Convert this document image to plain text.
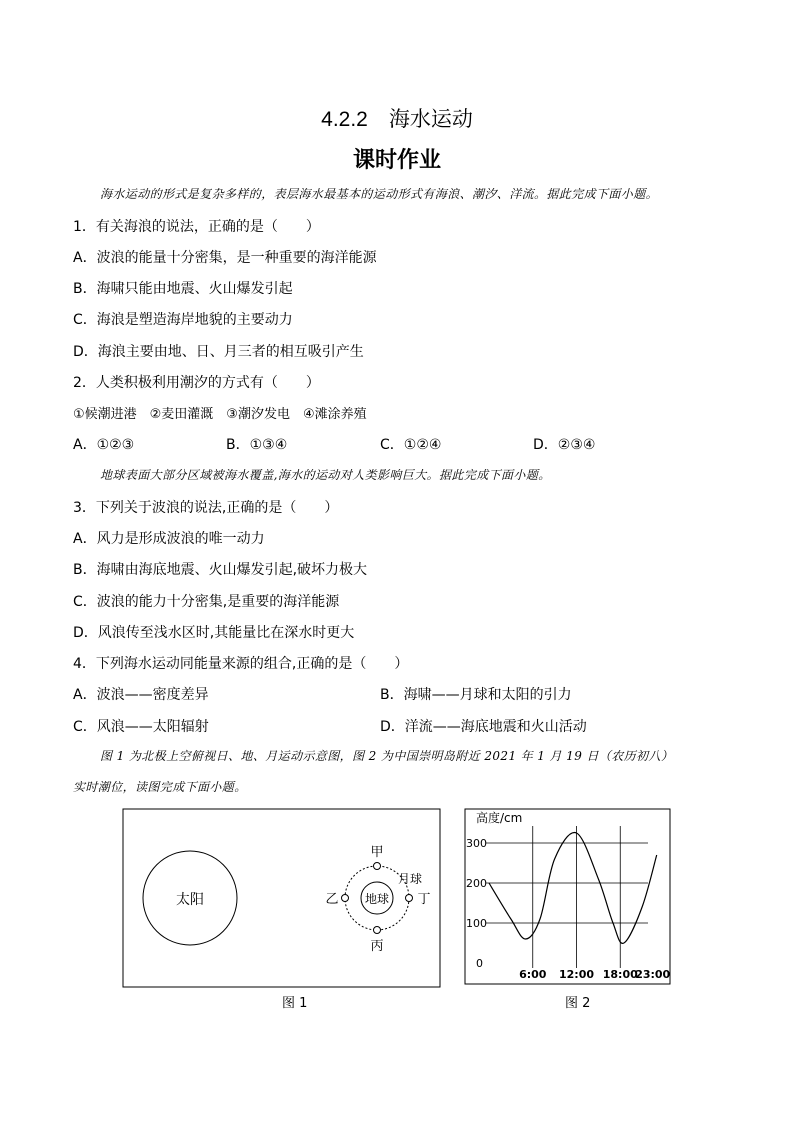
4.2.2　海水运动
课时作业
海水运动的形式是复杂多样的，表层海水最基本的运动形式有海浪、潮汐、洋流。据此完成下面小题。
1．有关海浪的说法，正确的是（　　）
A．波浪的能量十分密集，是一种重要的海洋能源
B．海啸只能由地震、火山爆发引起
C．海浪是塑造海岸地貌的主要动力
D．海浪主要由地、日、月三者的相互吸引产生
2．人类积极利用潮汐的方式有（　　）
①候潮进港　②麦田灌溉　③潮汐发电　④滩涂养殖
A．①②③	B．①③④	C．①②④	D．②③④
地球表面大部分区域被海水覆盖,海水的运动对人类影响巨大。据此完成下面小题。
3．下列关于波浪的说法,正确的是（　　）
A．风力是形成波浪的唯一动力
B．海啸由海底地震、火山爆发引起,破坏力极大
C．波浪的能力十分密集,是重要的海洋能源
D．风浪传至浅水区时,其能量比在深水时更大
4．下列海水运动同能量来源的组合,正确的是（　　）
A．波浪——密度差异	B．海啸——月球和太阳的引力
C．风浪——太阳辐射	D．洋流——海底地震和火山活动
图 1 为北极上空俯视日、地、月运动示意图，图 2 为中国崇明岛附近 2021 年 1 月 19 日（农历初八）
实时潮位，读图完成下面小题。
太阳	地球
甲
乙
丙
丁
月球
图 1
高度/cm
0
100
200
300
6:00 12:00 18:00
23:00
图 2
